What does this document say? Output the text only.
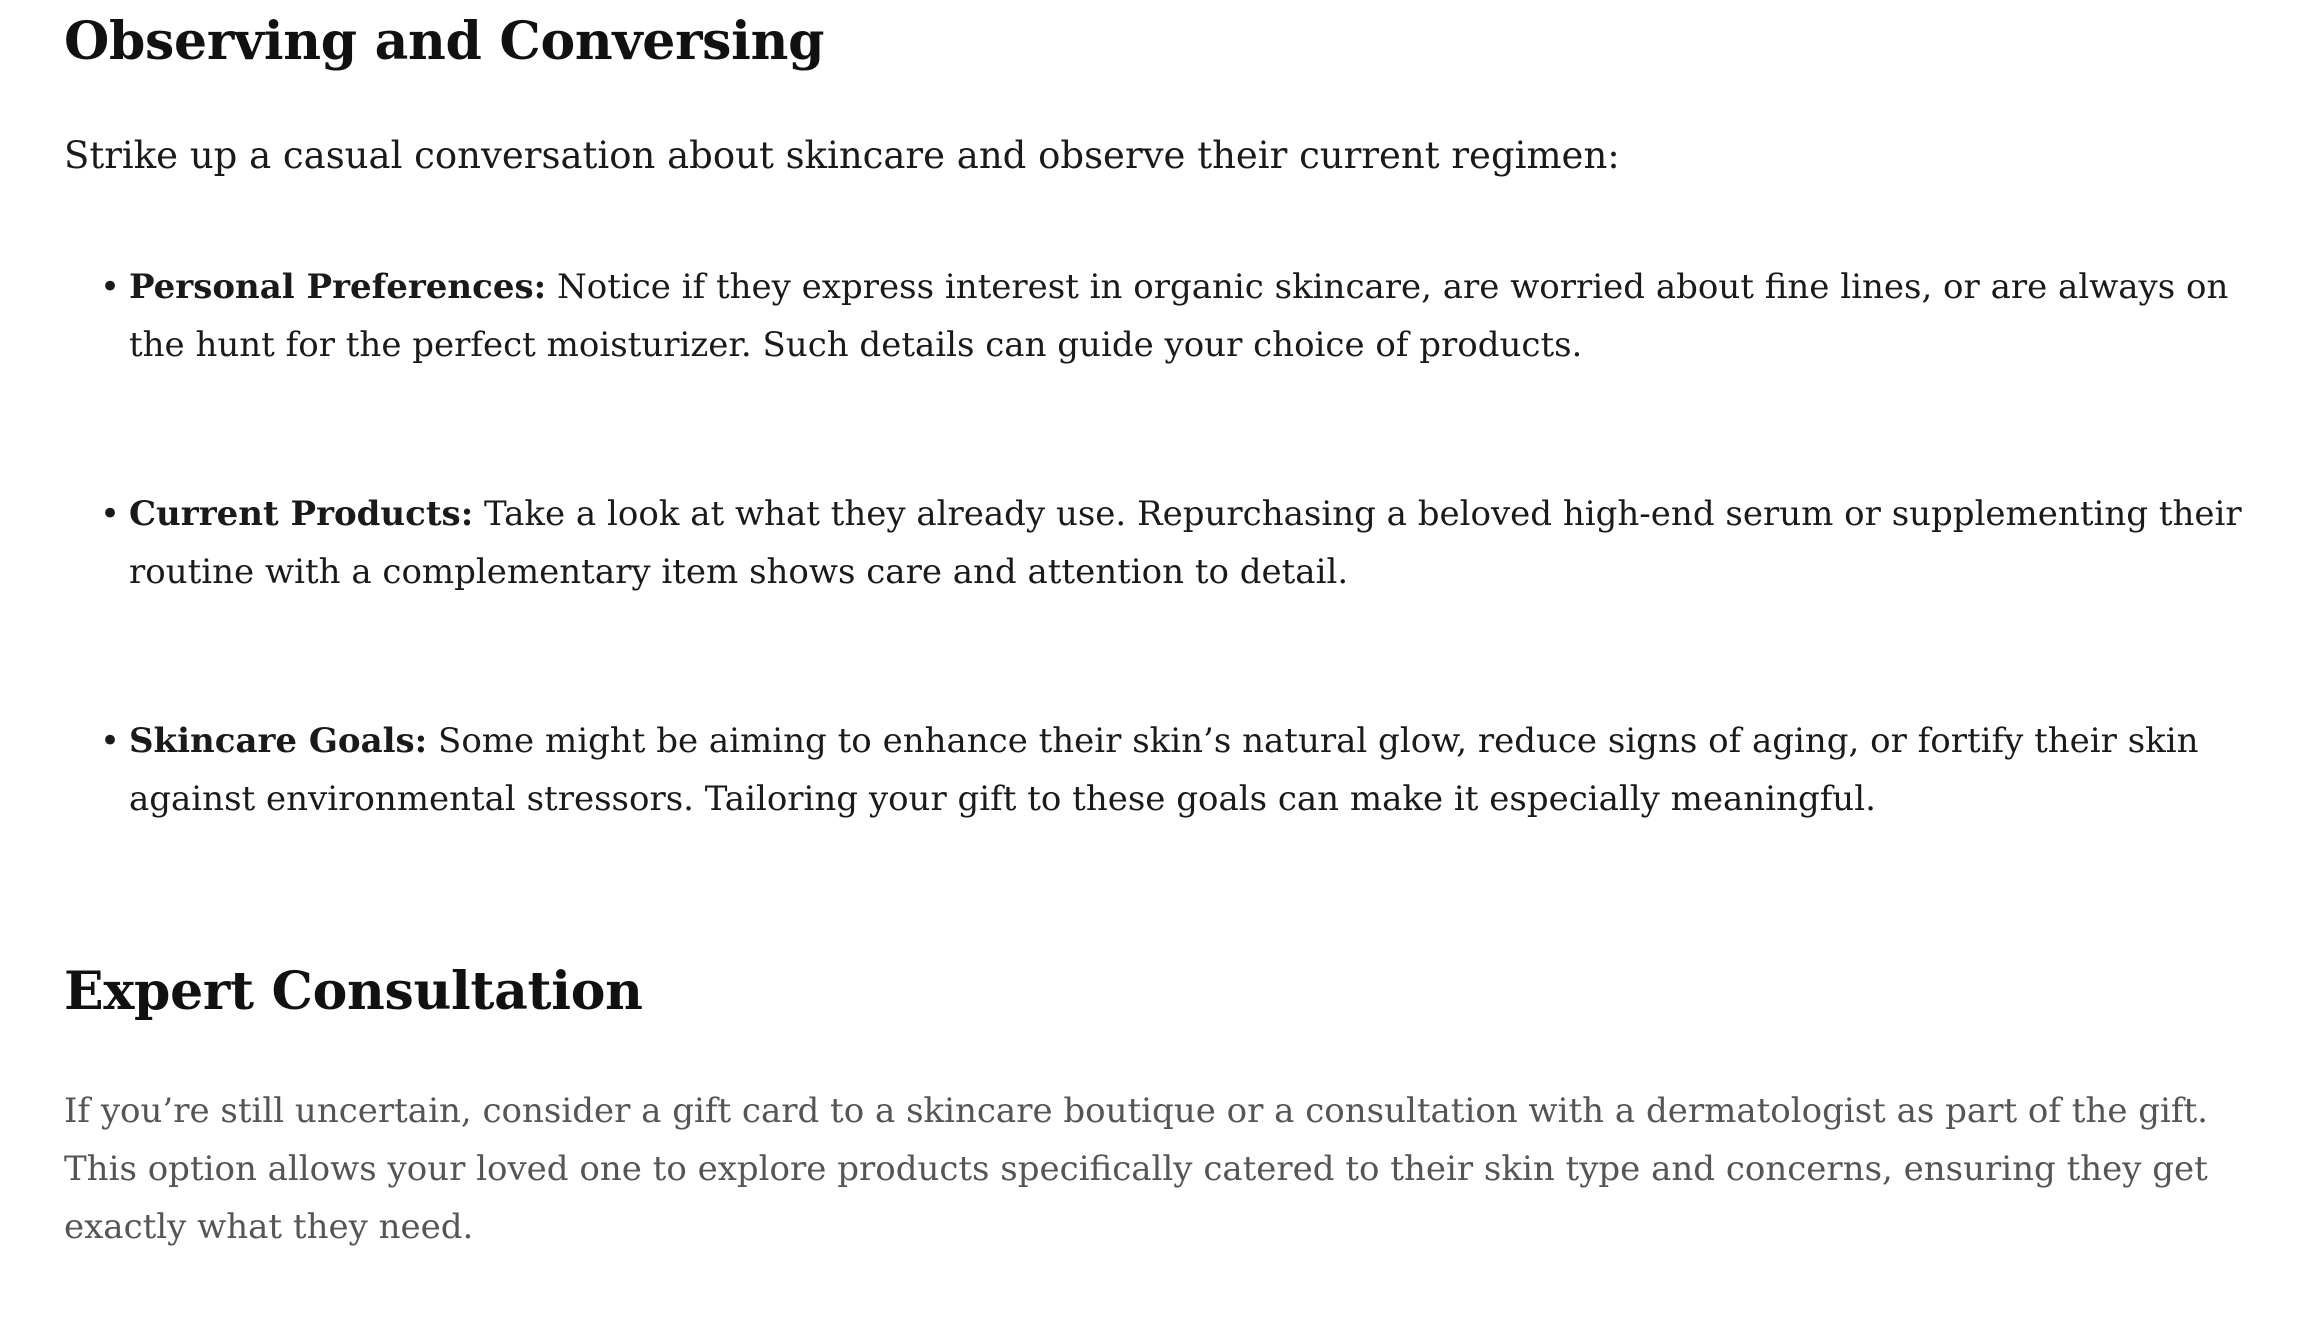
Observing and Conversing

Strike up a casual conversation about skincare and observe their current regimen:

• Personal Preferences: Notice if they express interest in organic skincare, are worried about fine lines, or are always on the hunt for the perfect moisturizer. Such details can guide your choice of products.
• Current Products: Take a look at what they already use. Repurchasing a beloved high-end serum or supplementing their routine with a complementary item shows care and attention to detail.
• Skincare Goals: Some might be aiming to enhance their skin’s natural glow, reduce signs of aging, or fortify their skin against environmental stressors. Tailoring your gift to these goals can make it especially meaningful.
Expert Consultation

If you’re still uncertain, consider a gift card to a skincare boutique or a consultation with a dermatologist as part of the gift. This option allows your loved one to explore products specifically catered to their skin type and concerns, ensuring they get exactly what they need.
